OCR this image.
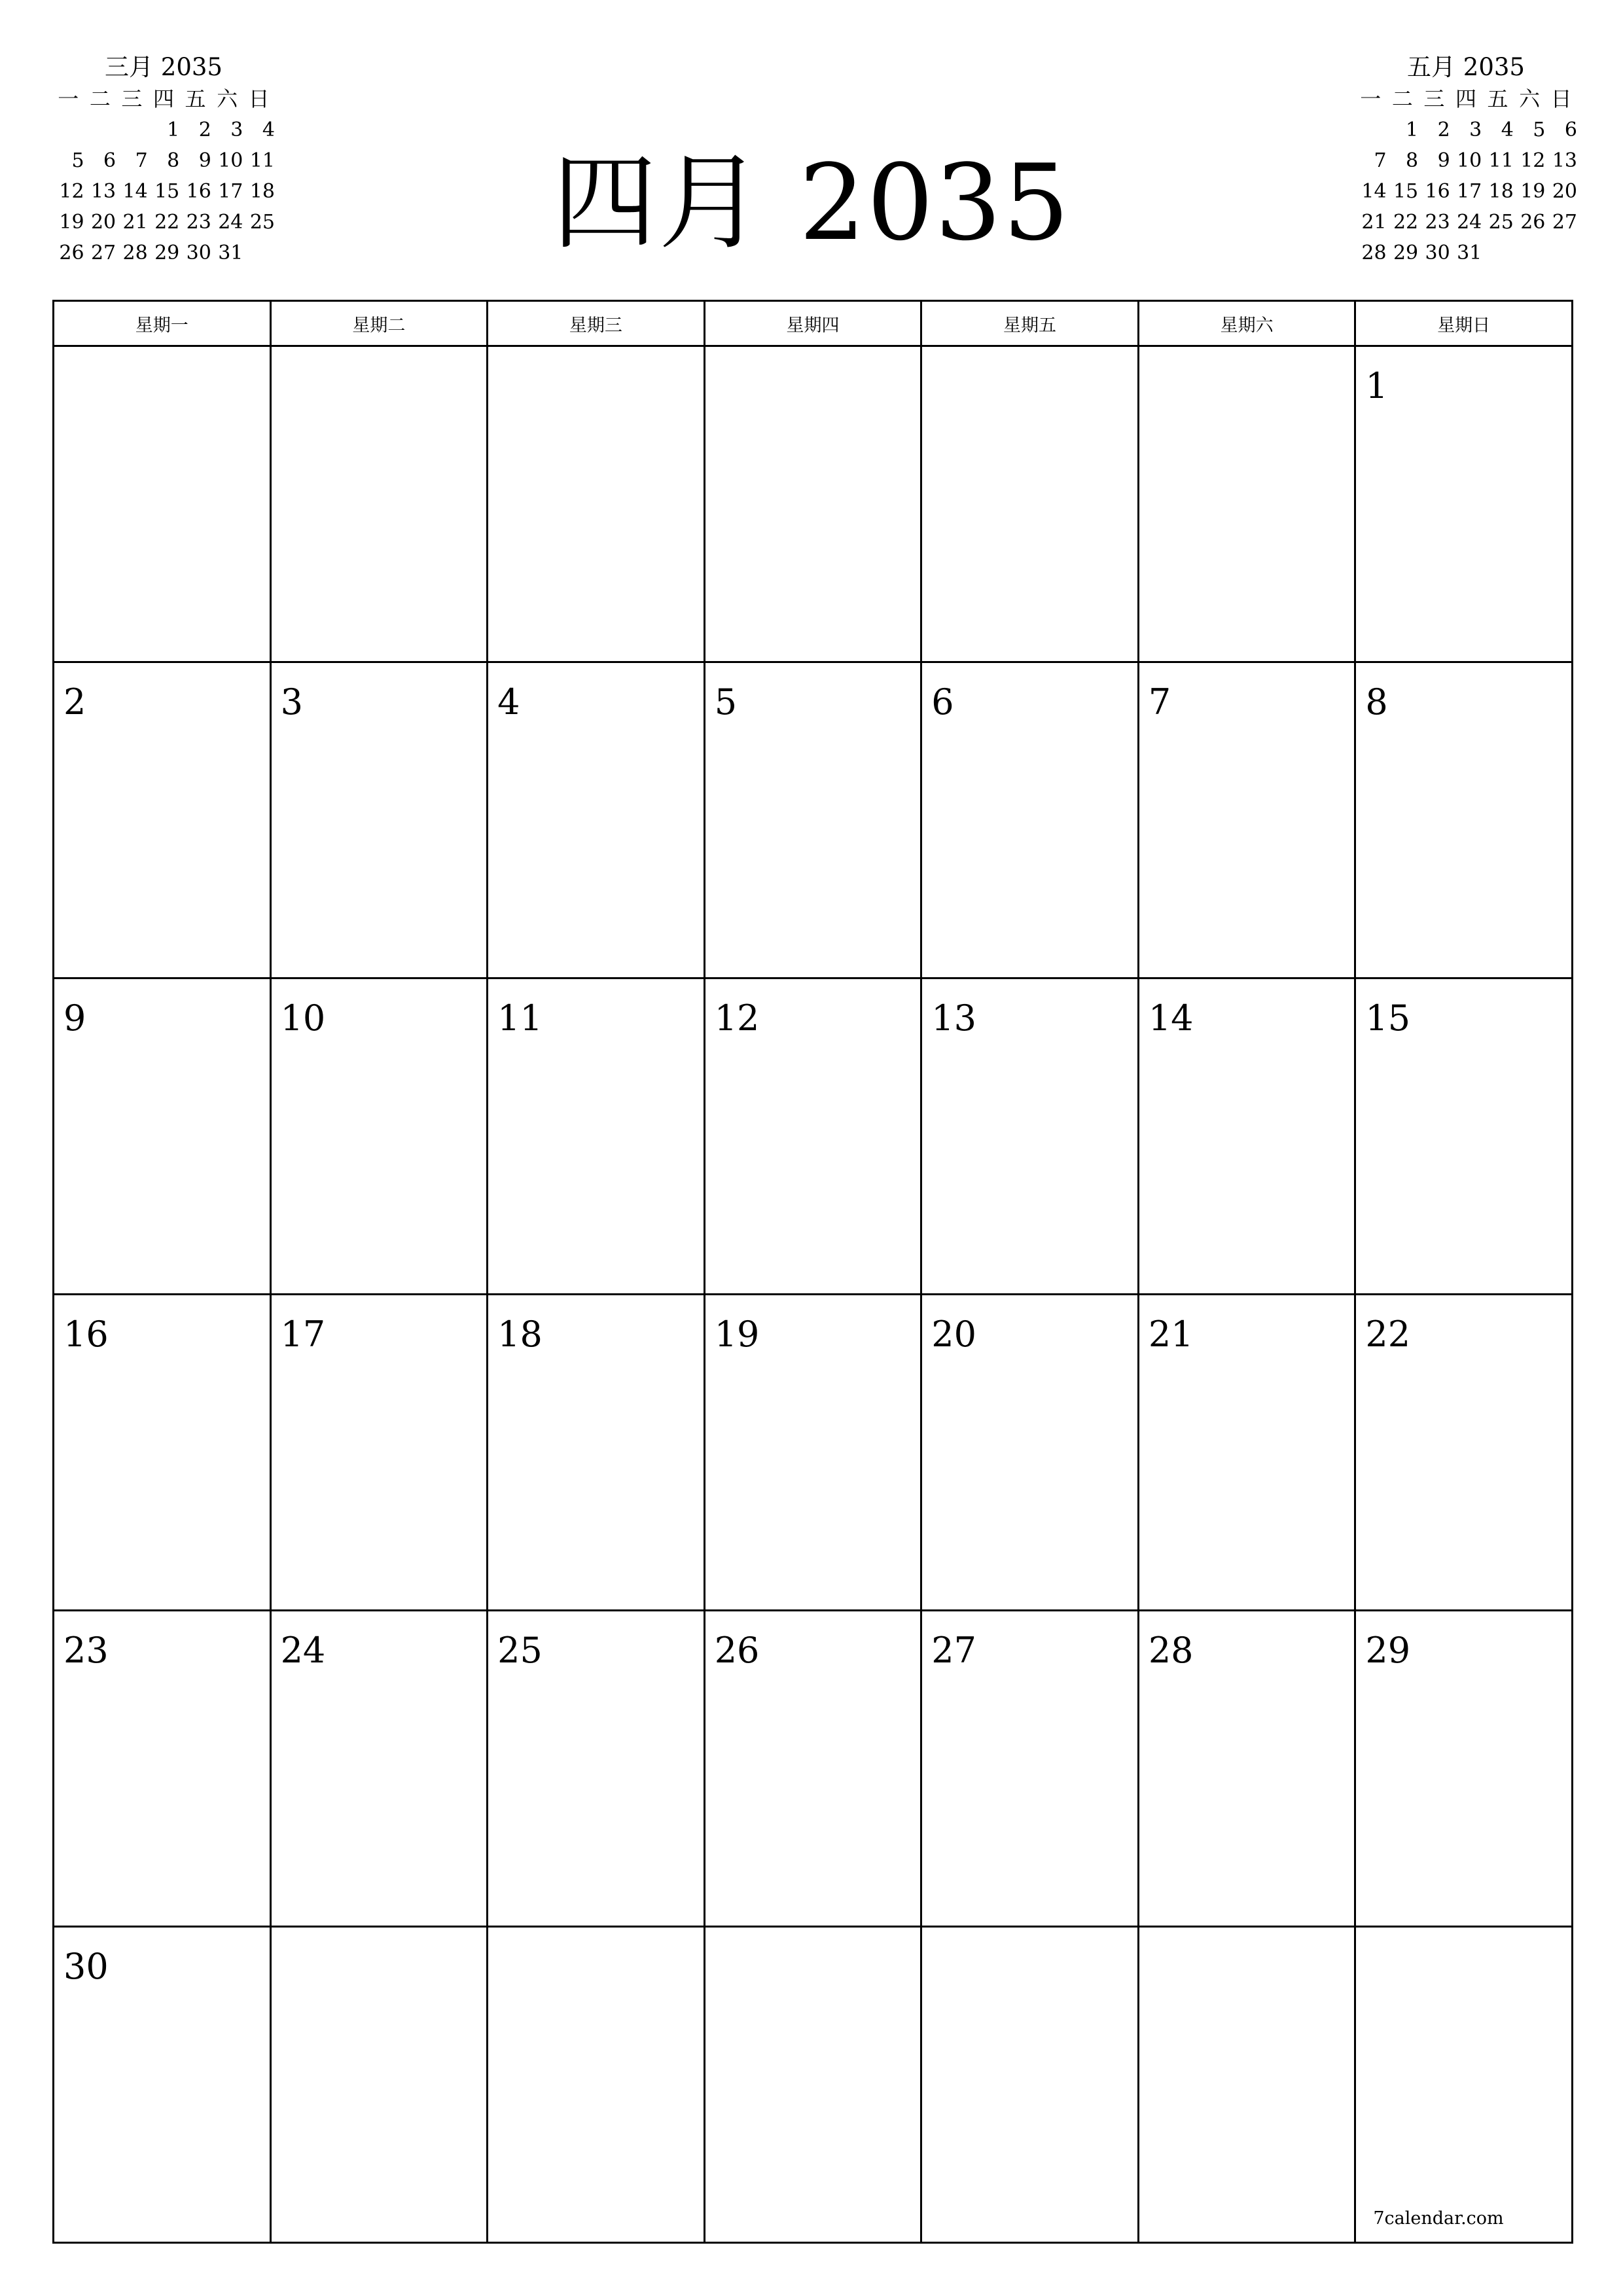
三月 2035
一	二	三	四	五	六	日
			1	2	3	4
5	6	7	8	9	10	11
12	13	14	15	16	17	18
19	20	21	22	23	24	25
26	27	28	29	30	31		四月 2035
五月 2035
一	二	三	四	五	六	日
	1	2	3	4	5	6
7	8	9	10	11	12	13
14	15	16	17	18	19	20
21	22	23	24	25	26	27
28	29	30	31			
星期一	星期二	星期三	星期四	星期五	星期六	星期日

						1

2	3	4	5	6	7	8

9	10	11	12	13	14	15

16	17	18	19	20	21	22

23	24	25	26	27	28	29

30						7calendar.com
